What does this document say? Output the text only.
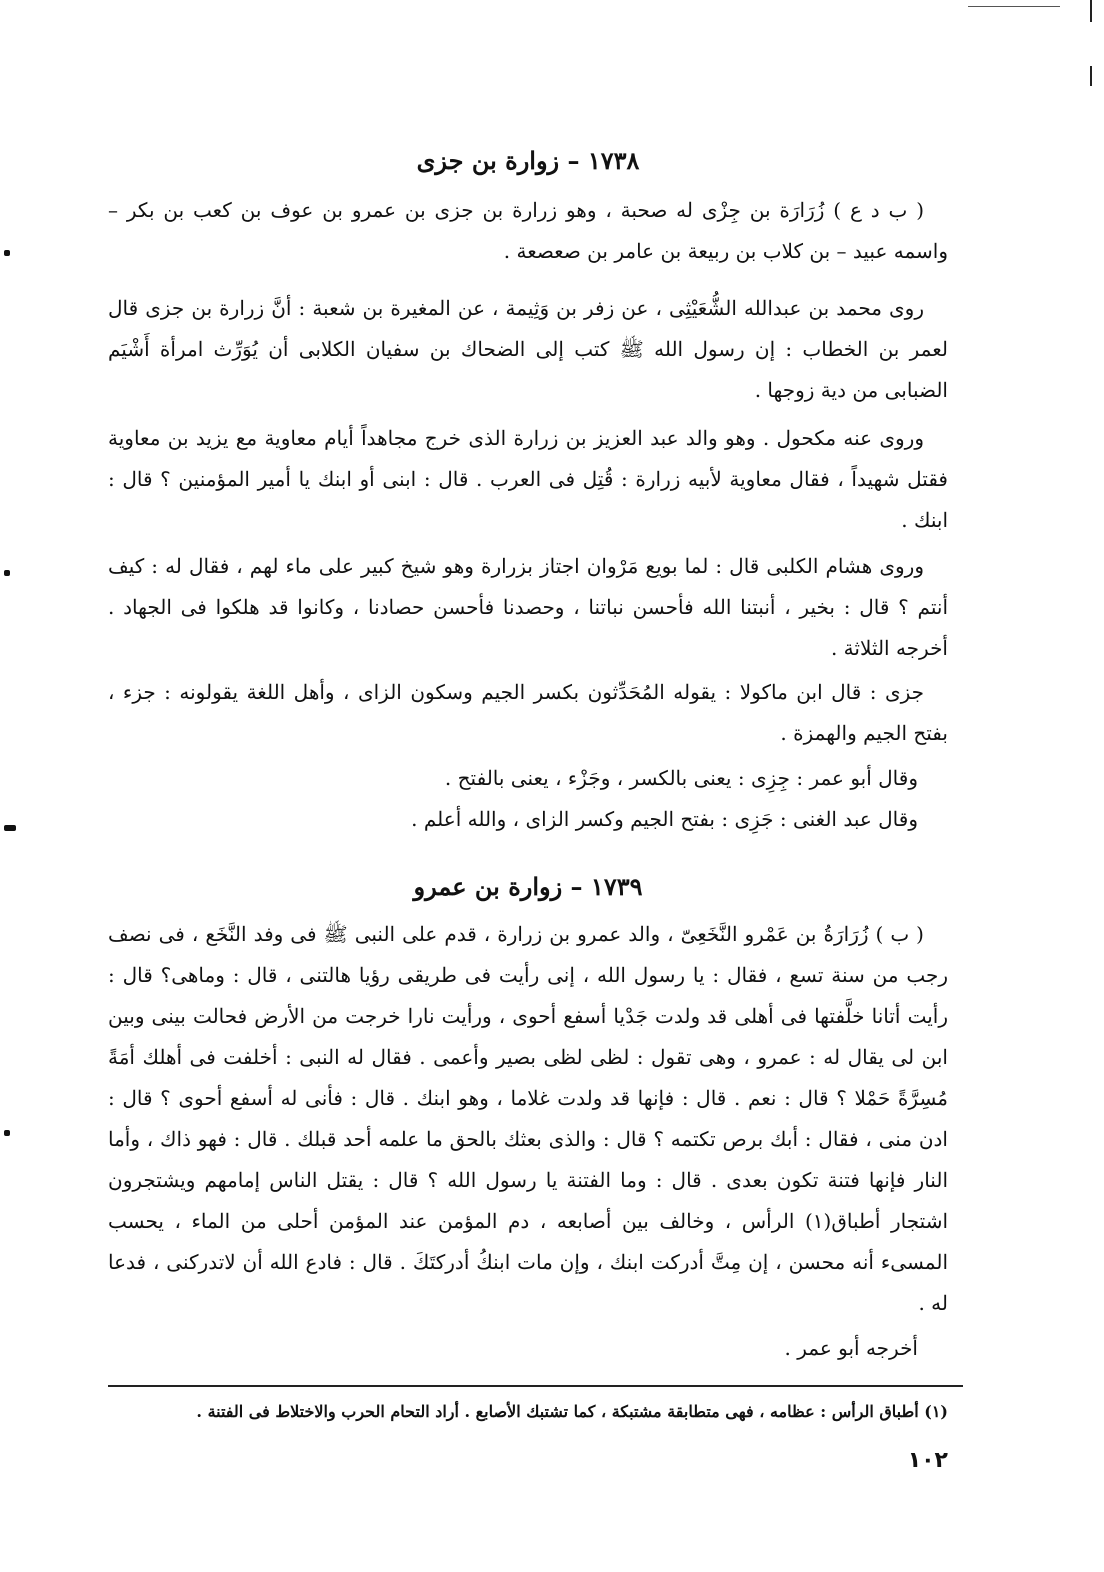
١٧٣٨ – زوارة بن جزى

( ب د ع ) زُرَارَة بن جِزْى له صحبة ، وهو زرارة بن جزى بن عمرو بن عوف بن كعب بن بكر – واسمه عبيد – بن كلاب بن ربيعة بن عامر بن صعصعة .

روى محمد بن عبدالله الشُّعَيْثِى ، عن زفر بن وَثِيمة ، عن المغيرة بن شعبة : أنَّ زرارة بن جزى قال لعمر بن الخطاب : إن رسول الله ﷺ كتب إلى الضحاك بن سفيان الكلابى أن يُوَرِّث امرأة أَشْيَم الضبابى من دية زوجها .

وروى عنه مكحول . وهو والد عبد العزيز بن زرارة الذى خرج مجاهداً أيام معاوية مع يزيد بن معاوية فقتل شهيداً ، فقال معاوية لأبيه زرارة : قُتِل فى العرب . قال : ابنى أو ابنك يا أمير المؤمنين ؟ قال : ابنك .

وروى هشام الكلبى قال : لما بويع مَرْوان اجتاز بزرارة وهو شيخ كبير على ماء لهم ، فقال له : كيف أنتم ؟ قال : بخير ، أنبتنا الله فأحسن نباتنا ، وحصدنا فأحسن حصادنا ، وكانوا قد هلكوا فى الجهاد . أخرجه الثلاثة .

جزى : قال ابن ماكولا : يقوله المُحَدِّثون بكسر الجيم وسكون الزاى ، وأهل اللغة يقولونه : جزء ، بفتح الجيم والهمزة .

وقال أبو عمر : جِزِى : يعنى بالكسر ، وجَزْء ، يعنى بالفتح .

وقال عبد الغنى : جَزِى : بفتح الجيم وكسر الزاى ، والله أعلم .

١٧٣٩ – زوارة بن عمرو

( ب ) زُرَارَةُ بن عَمْرو النَّخَعِىّ ، والد عمرو بن زرارة ، قدم على النبى ﷺ فى وفد النَّخَع ، فى نصف رجب من سنة تسع ، فقال : يا رسول الله ، إنى رأيت فى طريقى رؤيا هالتنى ، قال : وماهى؟ قال : رأيت أتانا خلَّفتها فى أهلى قد ولدت جَدْيا أسفع أحوى ، ورأيت نارا خرجت من الأرض فحالت بينى وبين ابن لى يقال له : عمرو ، وهى تقول : لظى لظى بصير وأعمى . فقال له النبى : أخلفت فى أهلك أمَةً مُسِرَّةً حَمْلا ؟ قال : نعم . قال : فإنها قد ولدت غلاما ، وهو ابنك . قال : فأنى له أسفع أحوى ؟ قال : ادن منى ، فقال : أبك برص تكتمه ؟ قال : والذى بعثك بالحق ما علمه أحد قبلك . قال : فهو ذاك ، وأما النار فإنها فتنة تكون بعدى . قال : وما الفتنة يا رسول الله ؟ قال : يقتل الناس إمامهم ويشتجرون اشتجار أطباق(١) الرأس ، وخالف بين أصابعه ، دم المؤمن عند المؤمن أحلى من الماء ، يحسب المسىء أنه محسن ، إن مِتَّ أدركت ابنك ، وإن مات ابنكُ أدركتَكَ . قال : فادع الله أن لاتدركنى ، فدعا له .

أخرجه أبو عمر .

(١) أطباق الرأس : عظامه ، فهى متطابقة مشتبكة ، كما تشتبك الأصابع . أراد التحام الحرب والاختلاط فى الفتنة .
١٠٢
